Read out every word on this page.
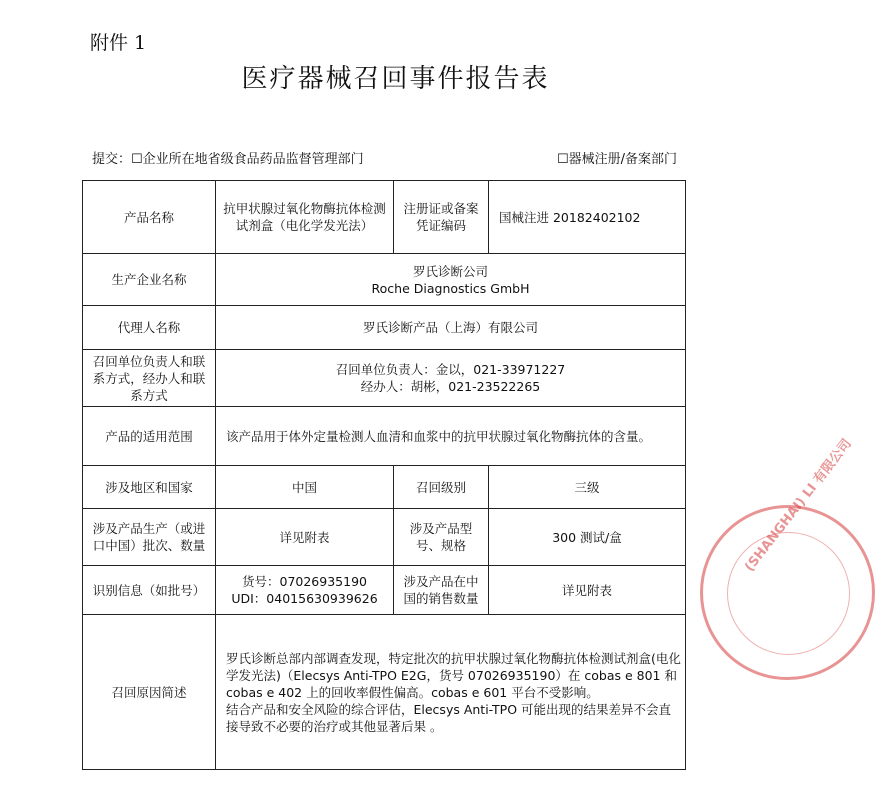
附件 1
医疗器械召回事件报告表
提交：☐企业所在地省级食品药品监督管理部门	☐器械注册/备案部门
产品名称	抗甲状腺过氧化物酶抗体检测试剂盒（电化学发光法）	注册证或备案凭证编码	国械注进 20182402102
生产企业名称	罗氏诊断公司
Roche Diagnostics GmbH		

代理人名称	罗氏诊断产品（上海）有限公司		
召回单位负责人和联系方式，经办人和联系方式	召回单位负责人：金以，021-33971227
经办人：胡彬，021-23522265		

产品的适用范围	该产品用于体外定量检测人血清和血浆中的抗甲状腺过氧化物酶抗体的含量。		
涉及地区和国家	中国	召回级别	三级
涉及产品生产（或进口中国）批次、数量	详见附表	涉及产品型号、规格	300 测试/盒
识别信息（如批号）	货号：07026935190
UDI：04015630939626	涉及产品在中国的销售数量	详见附表
召回原因简述	罗氏诊断总部内部调查发现，特定批次的抗甲状腺过氧化物酶抗体检测试剂盒(电化学发光法)（Elecsys Anti-TPO E2G，货号 07026935190）在 cobas e 801 和 cobas e 402 上的回收率假性偏高。cobas e 601 平台不受影响。
结合产品和安全风险的综合评估，Elecsys Anti-TPO 可能出现的结果差异不会直接导致不必要的治疗或其他显著后果 。		
(SHANGHAI) LI 有限公司
